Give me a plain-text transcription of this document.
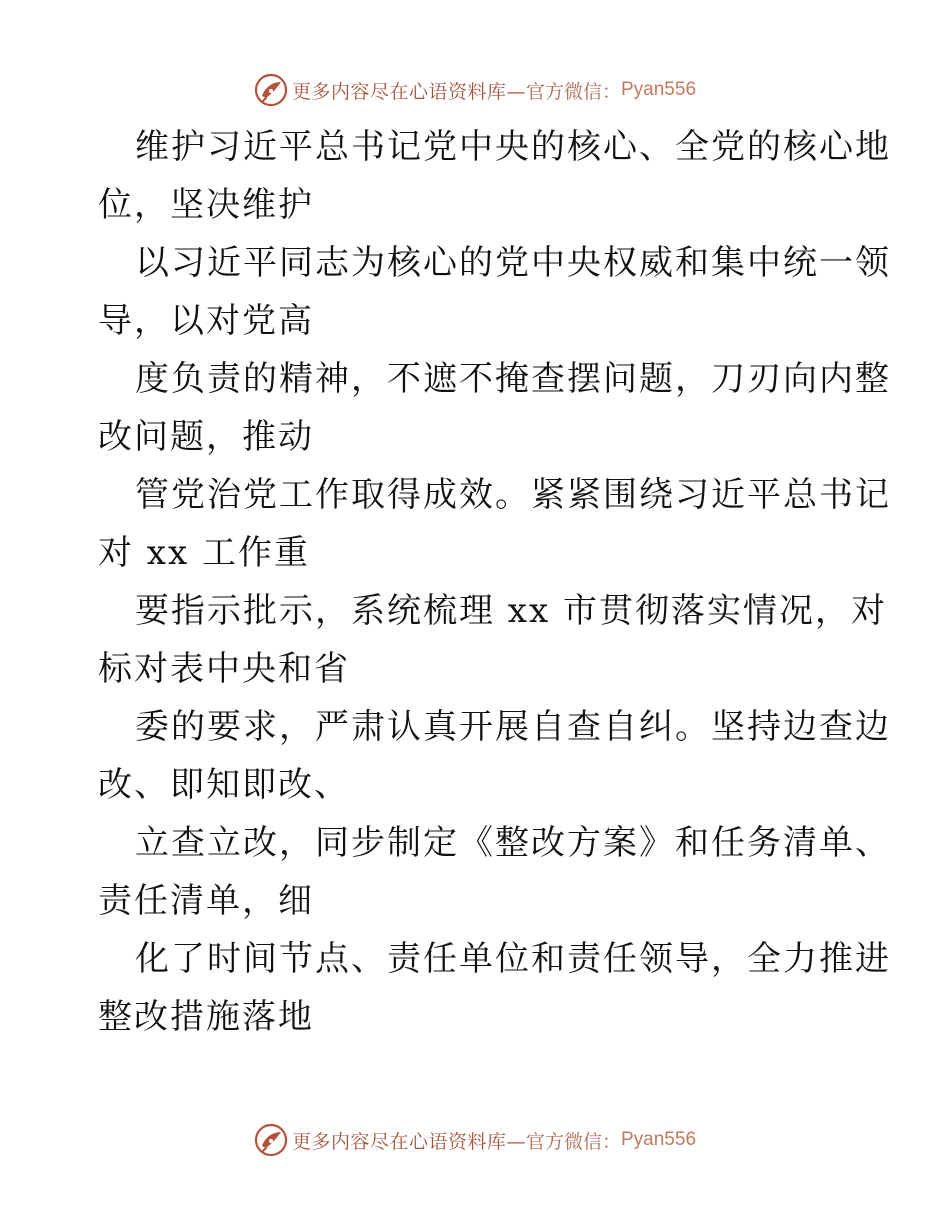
更多内容尽在心语资料库— 官方微信： Pyan556

维护习近平总书记党中央的核心、全党的核心地
位，坚决维护

以习近平同志为核心的党中央权威和集中统一领
导，以对党高

度负责的精神，不遮不掩查摆问题，刀刃向内整
改问题，推动

管党治党工作取得成效。紧紧围绕习近平总书记
对 xx 工作重

要指示批示，系统梳理 xx 市贯彻落实情况，对
标对表中央和省

委的要求，严肃认真开展自查自纠。坚持边查边
改、即知即改、

立查立改，同步制定《整改方案》和任务清单、
责任清单，细

化了时间节点、责任单位和责任领导，全力推进
整改措施落地

更多内容尽在心语资料库— 官方微信： Pyan556
